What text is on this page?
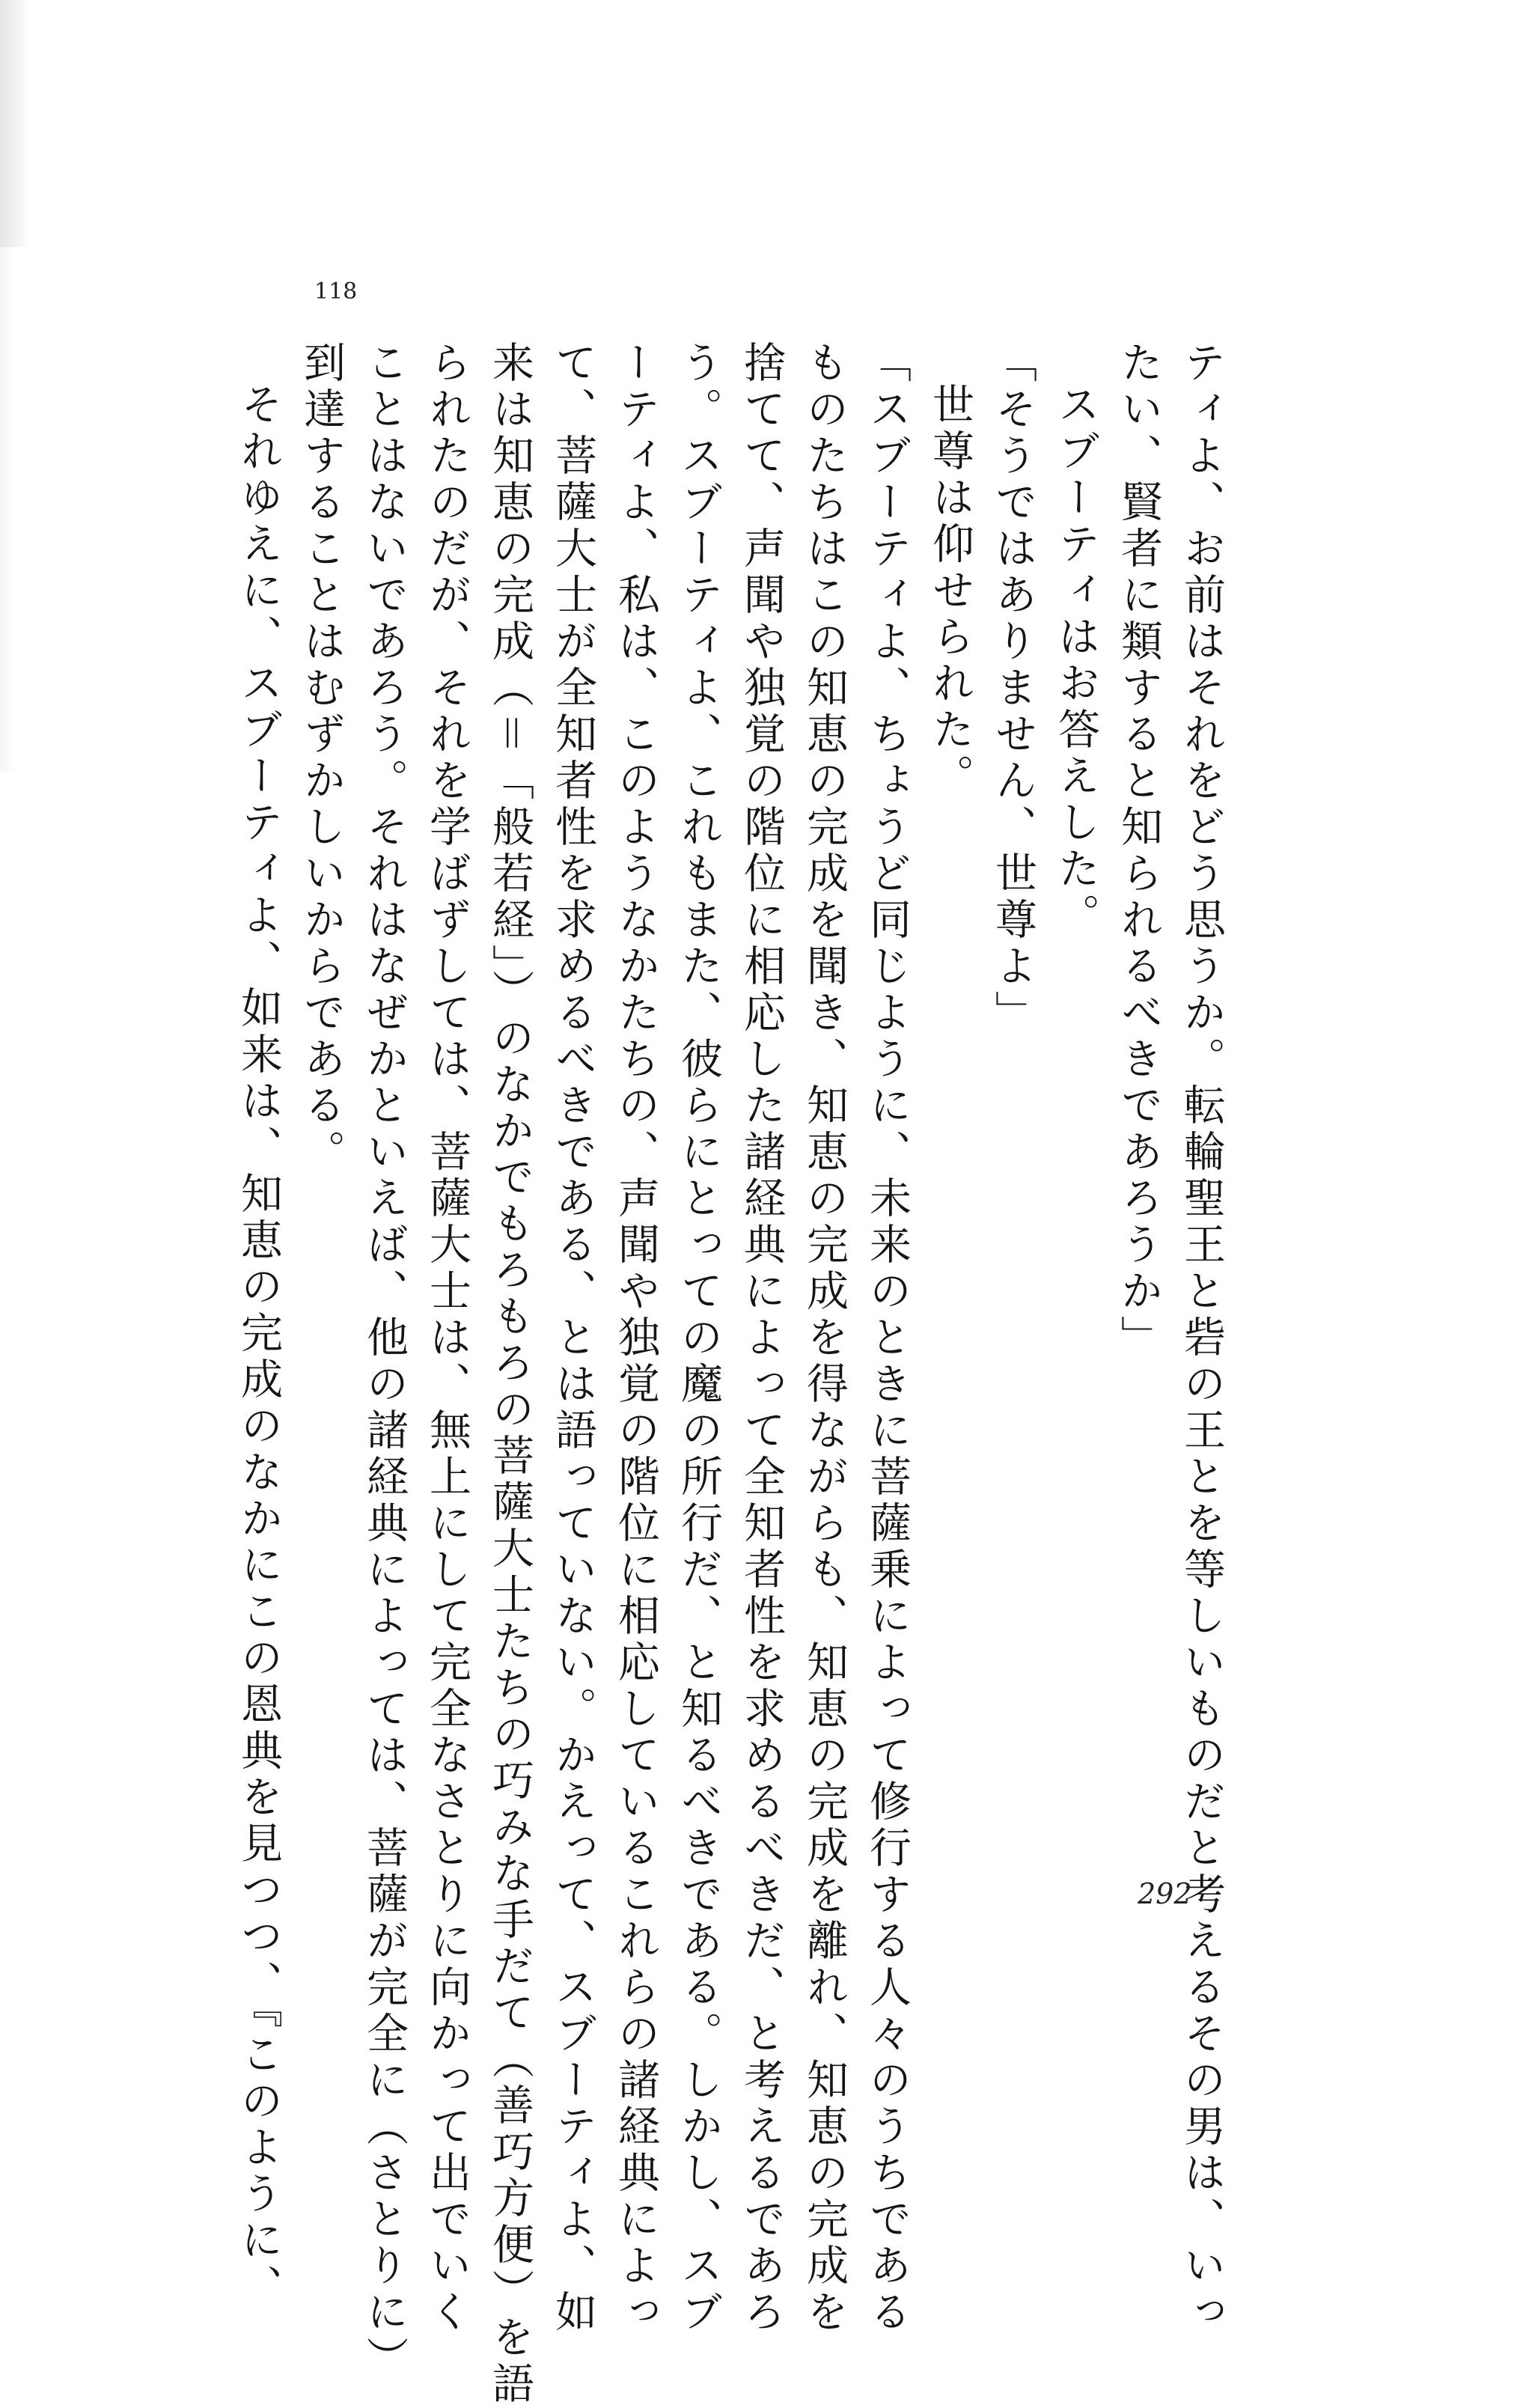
118
ティよ、お前はそれをどう思うか。転輪聖王と砦の王とを等しいものだと考えるその男は、いっ
たい、賢者に類すると知られるべきであろうか」
スブーティはお答えした。
「そうではありません、世尊よ」
世尊は仰せられた。
「スブーティよ、ちょうど同じように、未来のときに菩薩乗によって修行する人々のうちである
ものたちはこの知恵の完成を聞き、知恵の完成を得ながらも、知恵の完成を離れ、知恵の完成を
捨てて、声聞や独覚の階位に相応した諸経典によって全知者性を求めるべきだ、と考えるであろ
う。スブーティよ、これもまた、彼らにとっての魔の所行だ、と知るべきである。しかし、スブ
ーティよ、私は、このようなかたちの、声聞や独覚の階位に相応しているこれらの諸経典によっ
て、菩薩大士が全知者性を求めるべきである、とは語っていない。かえって、スブーティよ、如
来は知恵の完成（＝「般若経」）のなかでもろもろの菩薩大士たちの巧みな手だて（善巧方便）を語
られたのだが、それを学ばずしては、菩薩大士は、無上にして完全なさとりに向かって出でいく
ことはないであろう。それはなぜかといえば、他の諸経典によっては、菩薩が完全に（さとりに）
到達することはむずかしいからである。
それゆえに、スブーティよ、如来は、知恵の完成のなかにこの恩典を見つつ、『このように、	292
